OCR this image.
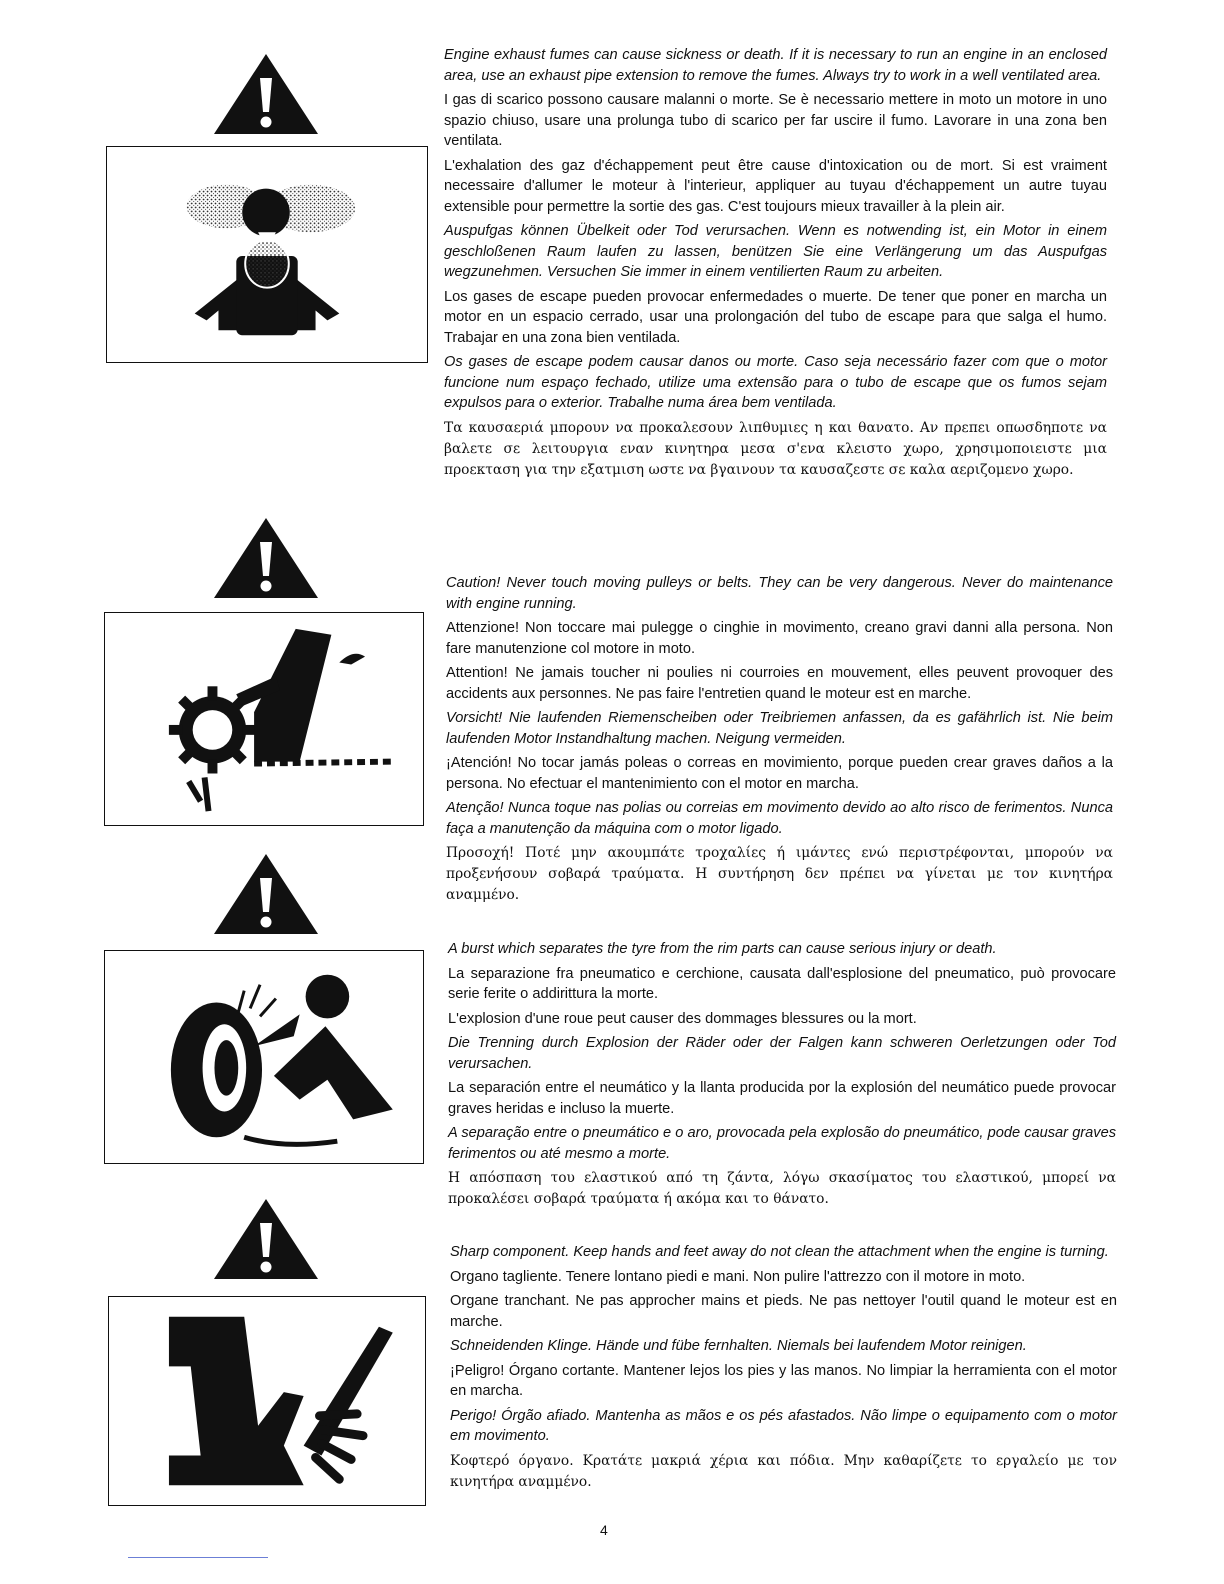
Engine exhaust fumes can cause sickness or death. If it is necessary to run an engine in an enclosed area, use an exhaust pipe extension to remove the fumes. Always try to work in a well ventilated area.

I gas di scarico possono causare malanni o morte. Se è necessario mettere in moto un motore in uno spazio chiuso, usare una prolunga tubo di scarico per far uscire il fumo. Lavorare in una zona ben ventilata.

L'exhalation des gaz d'échappement peut être cause d'intoxication ou de mort. Si est vraiment necessaire d'allumer le moteur à l'interieur, appliquer au tuyau d'échappement un autre tuyau extensible pour permettre la sortie des gas. C'est toujours mieux travailler à la plein air.

Auspufgas können Übelkeit oder Tod verursachen. Wenn es notwending ist, ein Motor in einem geschloßenen Raum laufen zu lassen, benützen Sie eine Verlängerung um das Auspufgas wegzunehmen. Versuchen Sie immer in einem ventilierten Raum zu arbeiten.

Los gases de escape pueden provocar enfermedades o muerte. De tener que poner en marcha un motor en un espacio cerrado, usar una prolongación del tubo de escape para que salga el humo. Trabajar en una zona bien ventilada.

Os gases de escape podem causar danos ou morte. Caso seja necessário fazer com que o motor funcione num espaço fechado, utilize uma extensão para o tubo de escape que os fumos sejam expulsos para o exterior. Trabalhe numa área bem ventilada.

Τα καυσαεριά μπορουν να προκαλεσουν λιπθυμιες η και θανατο. Αν πρεπει οπωσδηποτε να βαλετε σε λειτουργια εναν κινητηρα μεσα σ'ενα κλειστο χωρο, χρησιμοποιειστε μια προεκταση για την εξατμιση ωστε να βγαινουν τα καυσαζεστε σε καλα αεριζομενο χωρο.

Caution! Never touch moving pulleys or belts. They can be very dangerous. Never do maintenance with engine running.

Attenzione! Non toccare mai pulegge o cinghie in movimento, creano gravi danni alla persona. Non fare manutenzione col motore in moto.

Attention! Ne jamais toucher ni poulies ni courroies en mouvement, elles peuvent provoquer des accidents aux personnes. Ne pas faire l'entretien quand le moteur est en marche.

Vorsicht! Nie laufenden Riemenscheiben oder Treibriemen anfassen, da es gafährlich ist. Nie beim laufenden Motor Instandhaltung machen. Neigung vermeiden.

¡Atención! No tocar jamás poleas o correas en movimiento, porque pueden crear graves daños a la persona. No efectuar el mantenimiento con el motor en marcha.

Atenção! Nunca toque nas polias ou correias em movimento devido ao alto risco de ferimentos. Nunca faça a manutenção da máquina com o motor ligado.

Προσοχή! Ποτέ μην ακουμπάτε τροχαλίες ή ιμάντες ενώ περιστρέφονται, μπορούν να προξενήσουν σοβαρά τραύματα. Η συντήρηση δεν πρέπει να γίνεται με τον κινητήρα αναμμένο.

A burst which separates the tyre from the rim parts can cause serious injury or death.

La separazione fra pneumatico e cerchione, causata dall'esplosione del pneumatico, può provocare serie ferite o addirittura la morte.

L'explosion d'une roue peut causer des dommages blessures ou la mort.

Die Trenning durch Explosion der Räder oder der Falgen kann schweren Oerletzungen oder Tod verursachen.

La separación entre el neumático y la llanta producida por la explosión del neumático puede provocar graves heridas e incluso la muerte.

A separação entre o pneumático e o aro, provocada pela explosão do pneumático, pode causar graves ferimentos ou até mesmo a morte.

Η απόσπαση του ελαστικού από τη ζάντα, λόγω σκασίματος του ελαστικού, μπορεί να προκαλέσει σοβαρά τραύματα ή ακόμα και το θάνατο.

Sharp component. Keep hands and feet away do not clean the attachment when the engine is turning.

Organo tagliente. Tenere lontano piedi e mani. Non pulire l'attrezzo con il motore in moto.

Organe tranchant. Ne pas approcher mains et pieds. Ne pas nettoyer l'outil quand le moteur est en marche.

Schneidenden Klinge. Hände und fübe fernhalten. Niemals bei laufendem Motor reinigen.

¡Peligro! Órgano cortante. Mantener lejos los pies y las manos. No limpiar la herramienta con el motor en marcha.

Perigo! Órgão afiado. Mantenha as mãos e os pés afastados. Não limpe o equipamento com o motor em movimento.

Κοφτερό όργανο. Κρατάτε μακριά χέρια και πόδια. Μην καθαρίζετε το εργαλείο με τον κινητήρα αναμμένο.

4
